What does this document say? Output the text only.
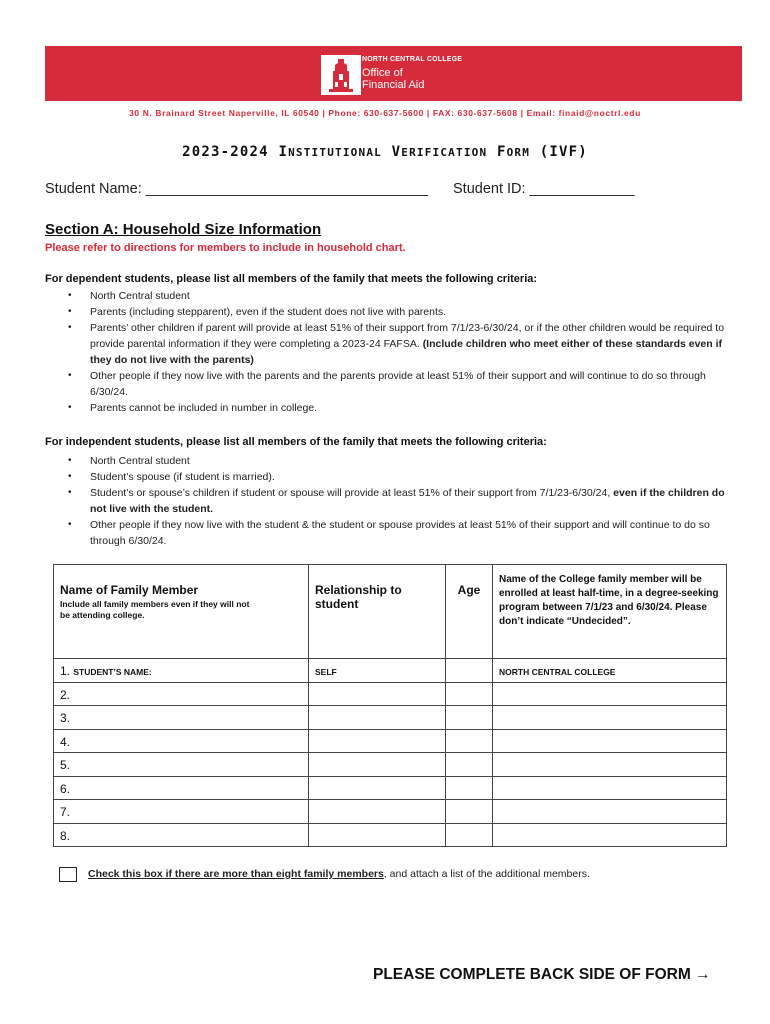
NORTH CENTRAL COLLEGE
Office of
Financial Aid
30 N. Brainard Street Naperville, IL 60540 | Phone: 630-637-5600 | FAX: 630-637-5608 | Email: finaid@noctrl.edu
2023-2024 INSTITUTIONAL VERIFICATION FORM (IVF)
Student Name: ___________________________________ Student ID: _____________
Section A: Household Size Information
Please refer to directions for members to include in household chart.
For dependent students, please list all members of the family that meets the following criteria:
• North Central student
• Parents (including stepparent), even if the student does not live with parents.
• Parents’ other children if parent will provide at least 51% of their support from 7/1/23-6/30/24, or if the other children would be required to provide parental information if they were completing a 2023-24 FAFSA. (Include children who meet either of these standards even if they do not live with the parents)
• Other people if they now live with the parents and the parents provide at least 51% of their support and will continue to do so through 6/30/24.
• Parents cannot be included in number in college.
For independent students, please list all members of the family that meets the following criteria:
• North Central student
• Student’s spouse (if student is married).
• Student’s or spouse’s children if student or spouse will provide at least 51% of their support from 7/1/23-6/30/24, even if the children do not live with the student.
• Other people if they now live with the student & the student or spouse provides at least 51% of their support and will continue to do so through 6/30/24.
Name of Family Member
Include all family members even if they will not be attending college.	Relationship to student	Age	Name of the College family member will be enrolled at least half-time, in a degree-seeking program between 7/1/23 and 6/30/24. Please don’t indicate “Undecided”.

1. STUDENT’S NAME:	SELF		NORTH CENTRAL COLLEGE
2.			
3.			
4.			
5.			
6.			
7.			
8.			
Check this box if there are more than eight family members, and attach a list of the additional members.
PLEASE COMPLETE BACK SIDE OF FORM →
